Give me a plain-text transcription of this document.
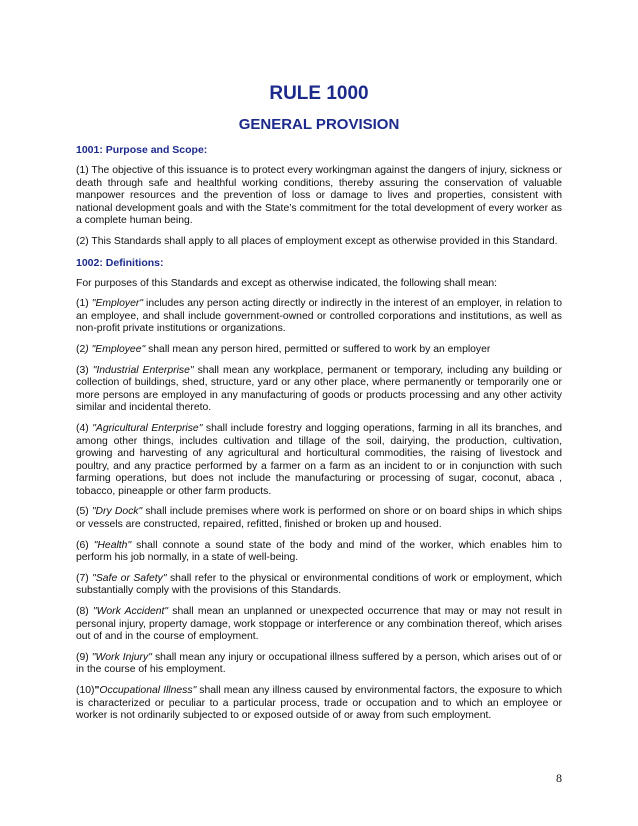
RULE 1000
GENERAL PROVISION
1001: Purpose and Scope:

(1) The objective of this issuance is to protect every workingman against the dangers of injury, sickness or death through safe and healthful working conditions, thereby assuring the conservation of valuable manpower resources and the prevention of loss or damage to lives and properties, consistent with national development goals and with the State’s commitment for the total development of every worker as a complete human being.

(2) This Standards shall apply to all places of employment except as otherwise provided in this Standard.

1002: Definitions:

For purposes of this Standards and except as otherwise indicated, the following shall mean:

(1) "Employer" includes any person acting directly or indirectly in the interest of an employer, in relation to an employee, and shall include government-owned or controlled corporations and institutions, as well as non-profit private institutions or organizations.

(2) "Employee" shall mean any person hired, permitted or suffered to work by an employer

(3) "Industrial Enterprise" shall mean any workplace, permanent or temporary, including any building or collection of buildings, shed, structure, yard or any other place, where permanently or temporarily one or more persons are employed in any manufacturing of goods or products processing and any other activity similar and incidental thereto.

(4) "Agricultural Enterprise" shall include forestry and logging operations, farming in all its branches, and among other things, includes cultivation and tillage of the soil, dairying, the production, cultivation, growing and harvesting of any agricultural and horticultural commodities, the raising of livestock and poultry, and any practice performed by a farmer on a farm as an incident to or in conjunction with such farming operations, but does not include the manufacturing or processing of sugar, coconut, abaca , tobacco, pineapple or other farm products.

(5) "Dry Dock" shall include premises where work is performed on shore or on board ships in which ships or vessels are constructed, repaired, refitted, finished or broken up and housed.

(6) "Health" shall connote a sound state of the body and mind of the worker, which enables him to perform his job normally, in a state of well-being.

(7) "Safe or Safety" shall refer to the physical or environmental conditions of work or employment, which substantially comply with the provisions of this Standards.

(8) "Work Accident" shall mean an unplanned or unexpected occurrence that may or may not result in personal injury, property damage, work stoppage or interference or any combination thereof, which arises out of and in the course of employment.

(9) "Work Injury" shall mean any injury or occupational illness suffered by a person, which arises out of or in the course of his employment.

(10)"Occupational Illness" shall mean any illness caused by environmental factors, the exposure to which is characterized or peculiar to a particular process, trade or occupation and to which an employee or worker is not ordinarily subjected to or exposed outside of or away from such employment.

8
